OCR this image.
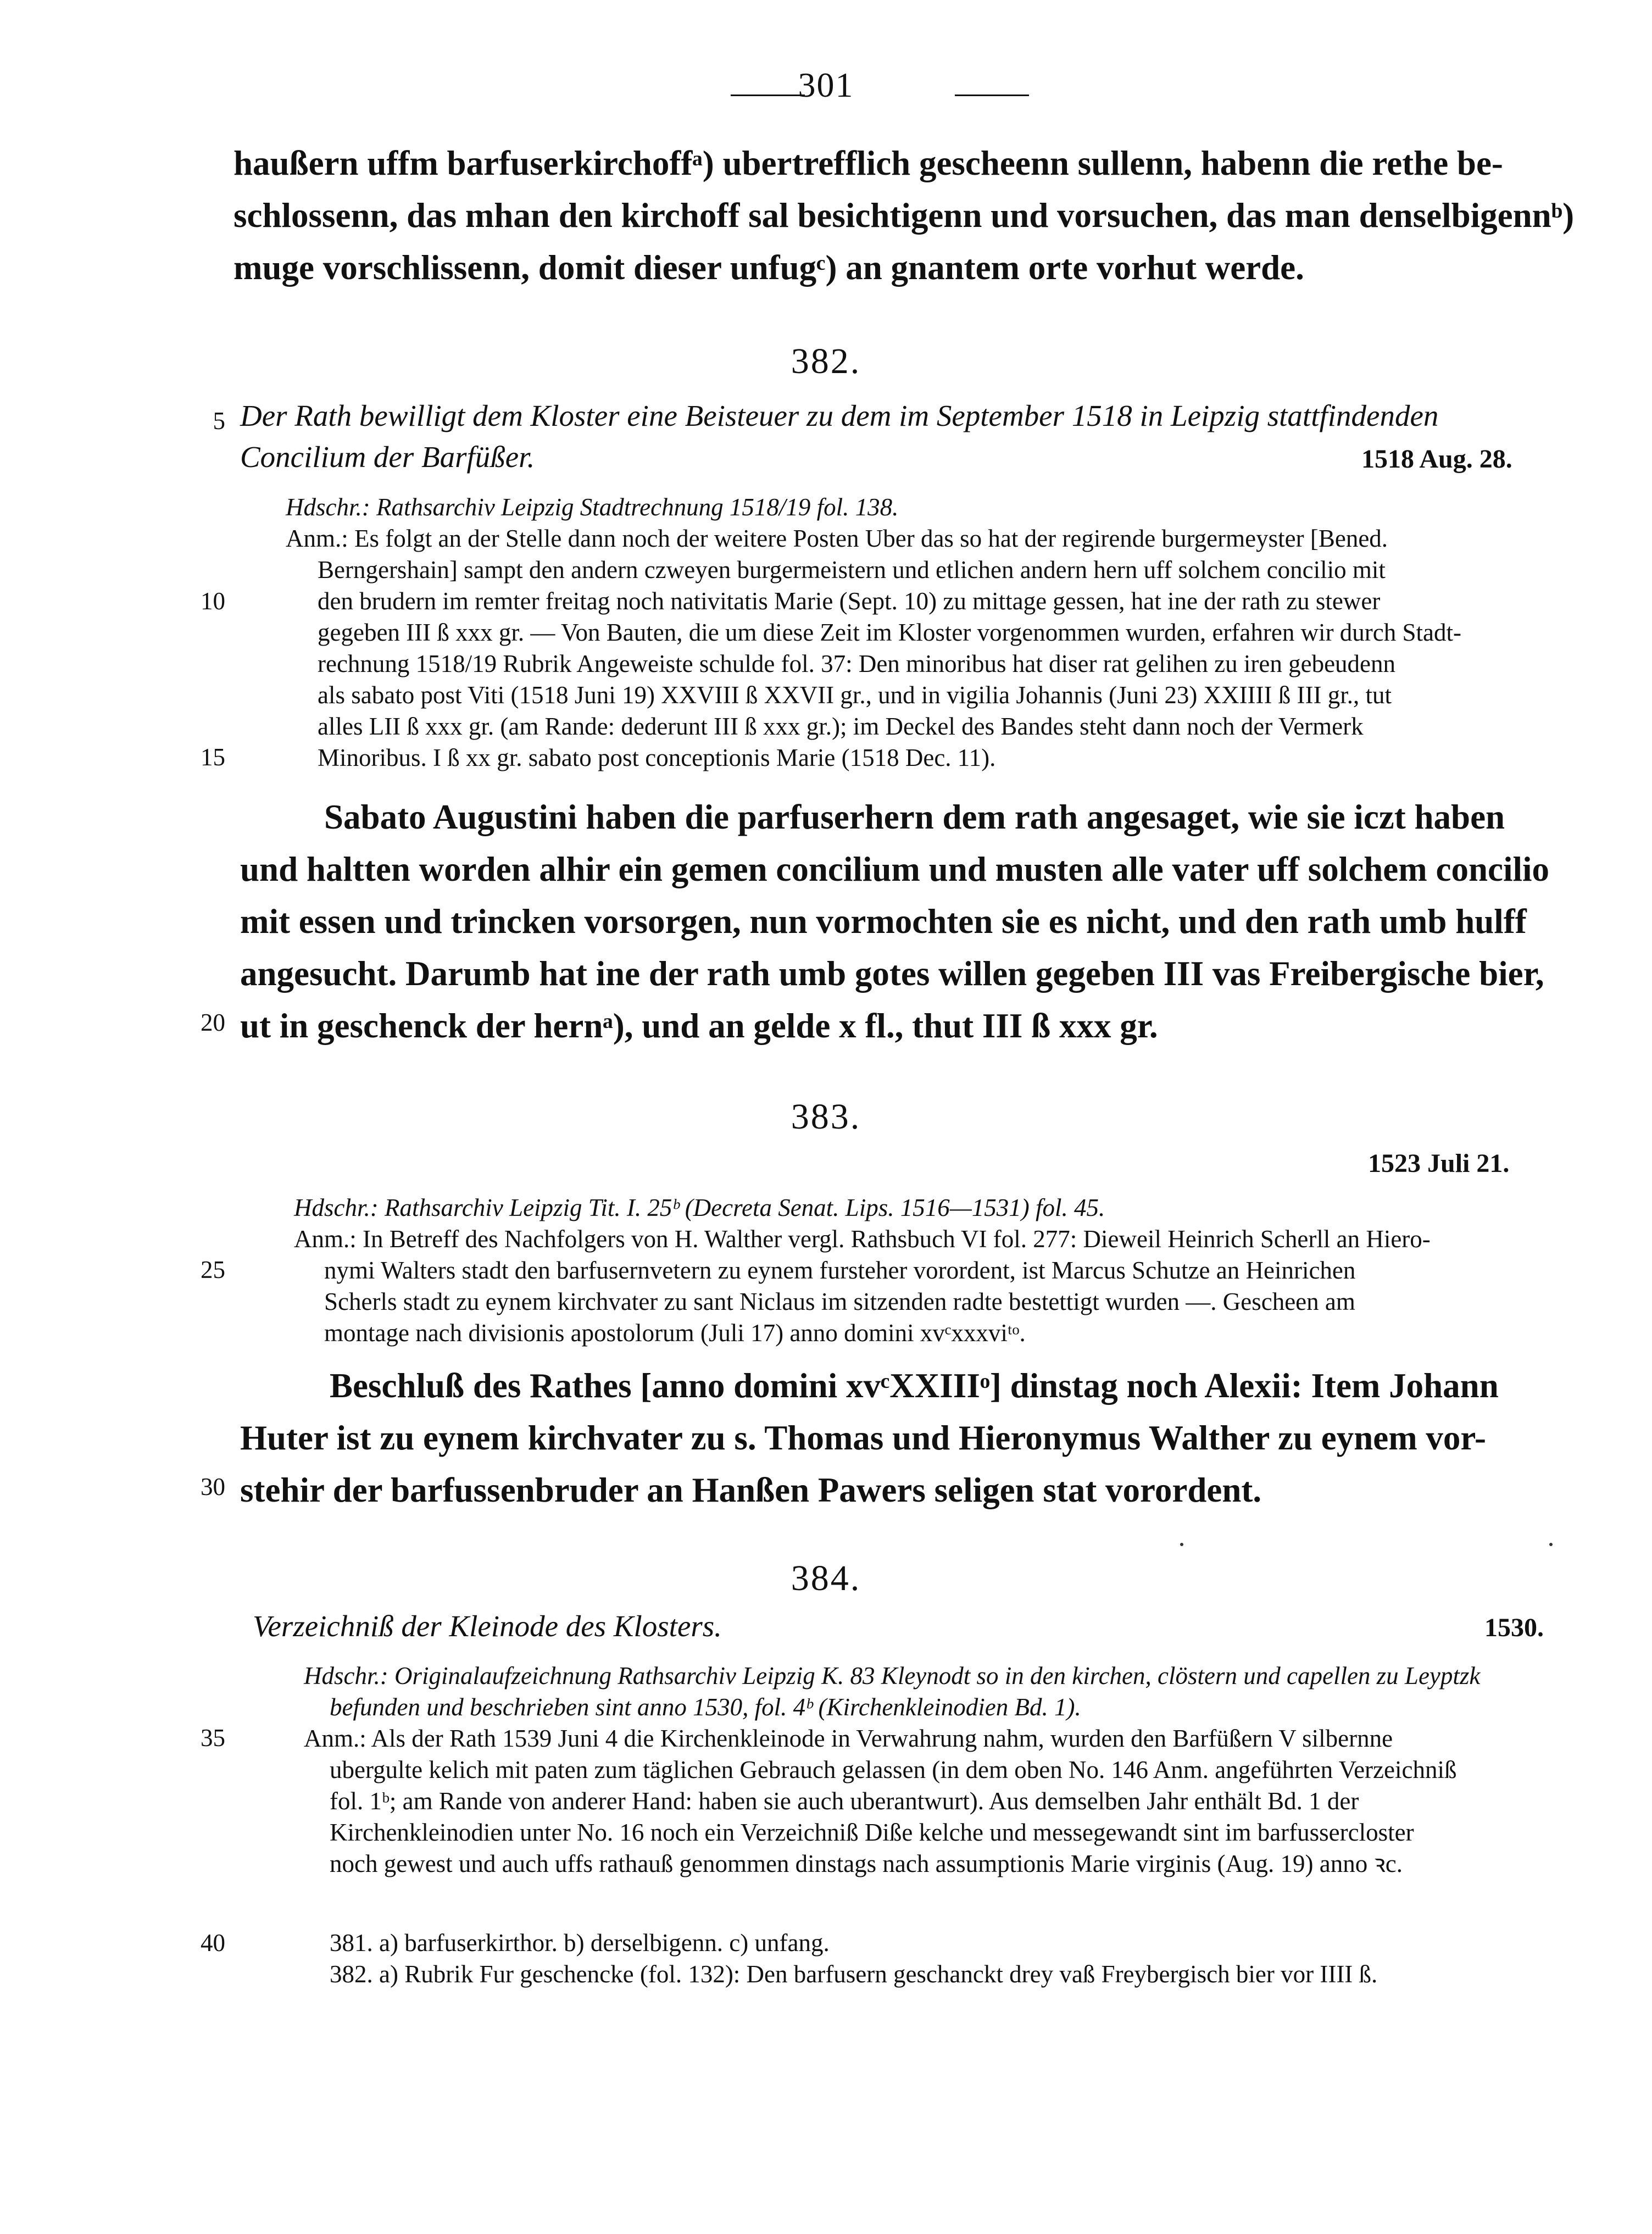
301
haußern uffm barfuserkirchoffᵃ) ubertrefflich gescheenn sullenn, habenn die rethe be-
schlossenn, das mhan den kirchoff sal besichtigenn und vorsuchen, das man denselbigennᵇ)
muge vorschlissenn, domit dieser unfugᶜ) an gnantem orte vorhut werde.
382.
5 Der Rath bewilligt dem Kloster eine Beisteuer zu dem im September 1518 in Leipzig stattfindenden
Concilium der Barfüßer.	1518 Aug. 28.
Hdschr.: Rathsarchiv Leipzig Stadtrechnung 1518/19 fol. 138.
Anm.: Es folgt an der Stelle dann noch der weitere Posten Uber das so hat der regirende burgermeyster [Bened.
Berngershain] sampt den andern czweyen burgermeistern und etlichen andern hern uff solchem concilio mit
den brudern im remter freitag noch nativitatis Marie (Sept. 10) zu mittage gessen, hat ine der rath zu stewer
gegeben III ß xxx gr. — Von Bauten, die um diese Zeit im Kloster vorgenommen wurden, erfahren wir durch Stadt-
rechnung 1518/19 Rubrik Angeweiste schulde fol. 37: Den minoribus hat diser rat gelihen zu iren gebeudenn
als sabato post Viti (1518 Juni 19) XXVIII ß XXVII gr., und in vigilia Johannis (Juni 23) XXIIII ß III gr., tut
alles LII ß xxx gr. (am Rande: dederunt III ß xxx gr.); im Deckel des Bandes steht dann noch der Vermerk
Minoribus. I ß xx gr. sabato post conceptionis Marie (1518 Dec. 11).
10
15
Sabato Augustini haben die parfuserhern dem rath angesaget, wie sie iczt haben
und haltten worden alhir ein gemen concilium und musten alle vater uff solchem concilio
mit essen und trincken vorsorgen, nun vormochten sie es nicht, und den rath umb hulff
angesucht. Darumb hat ine der rath umb gotes willen gegeben III vas Freibergische bier,
ut in geschenck der hernᵃ), und an gelde x fl., thut III ß xxx gr.
20
383.
1523 Juli 21.
Hdschr.: Rathsarchiv Leipzig Tit. I. 25ᵇ (Decreta Senat. Lips. 1516—1531) fol. 45.
Anm.: In Betreff des Nachfolgers von H. Walther vergl. Rathsbuch VI fol. 277: Dieweil Heinrich Scherll an Hiero-
nymi Walters stadt den barfusernvetern zu eynem fursteher vorordent, ist Marcus Schutze an Heinrichen
Scherls stadt zu eynem kirchvater zu sant Niclaus im sitzenden radte bestettigt wurden —. Gescheen am
montage nach divisionis apostolorum (Juli 17) anno domini xvᶜxxxviᵗᵒ.
25
Beschluß des Rathes [anno domini xvᶜXXIIIᵒ] dinstag noch Alexii: Item Johann
Huter ist zu eynem kirchvater zu s. Thomas und Hieronymus Walther zu eynem vor-
stehir der barfussenbruder an Hanßen Pawers seligen stat vorordent.
30
384.
Verzeichniß der Kleinode des Klosters.	1530.
Hdschr.: Originalaufzeichnung Rathsarchiv Leipzig K. 83 Kleynodt so in den kirchen, clöstern und capellen zu Leyptzk
befunden und beschrieben sint anno 1530, fol. 4ᵇ (Kirchenkleinodien Bd. 1).
Anm.: Als der Rath 1539 Juni 4 die Kirchenkleinode in Verwahrung nahm, wurden den Barfüßern V silbernne
ubergulte kelich mit paten zum täglichen Gebrauch gelassen (in dem oben No. 146 Anm. angeführten Verzeichniß
fol. 1ᵇ; am Rande von anderer Hand: haben sie auch uberantwurt). Aus demselben Jahr enthält Bd. 1 der
Kirchenkleinodien unter No. 16 noch ein Verzeichniß Diße kelche und messegewandt sint im barfussercloster
noch gewest und auch uffs rathauß genommen dinstags nach assumptionis Marie virginis (Aug. 19) anno ꝛc.
35
381. a) barfuserkirthor. b) derselbigenn. c) unfang.
382. a) Rubrik Fur geschencke (fol. 132): Den barfusern geschanckt drey vaß Freybergisch bier vor IIII ß.
40
